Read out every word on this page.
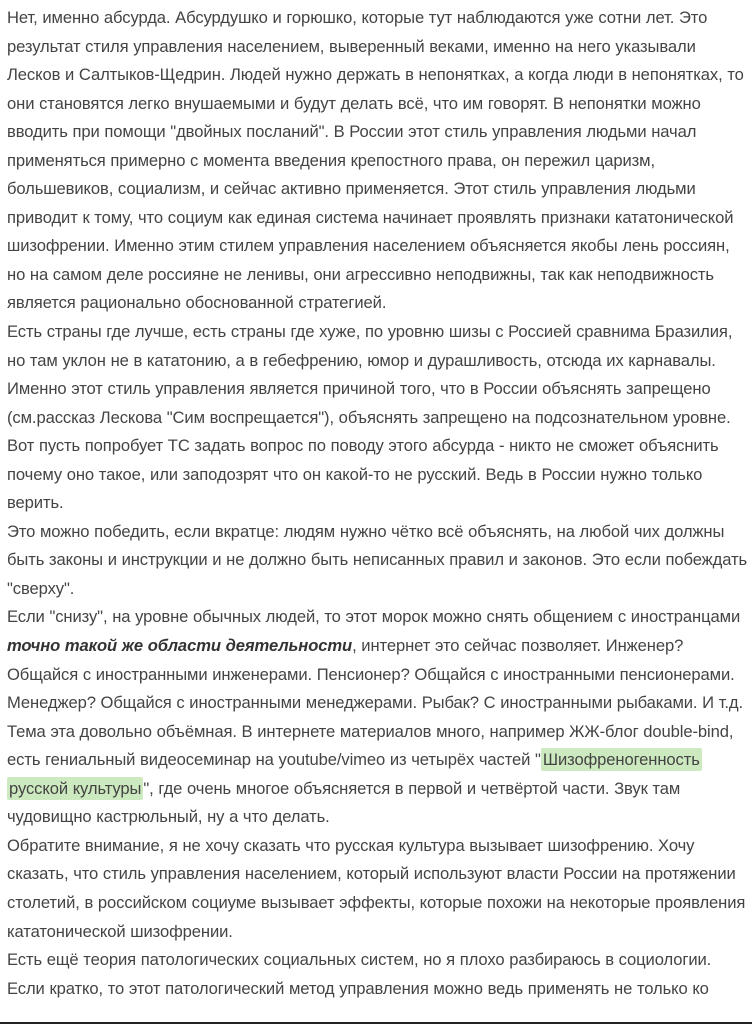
Нет, именно абсурда. Абсурдушко и горюшко, которые тут наблюдаются уже сотни лет. Это результат стиля управления населением, выверенный веками, именно на него указывали Лесков и Салтыков-Щедрин. Людей нужно держать в непонятках, а когда люди в непонятках, то они становятся легко внушаемыми и будут делать всё, что им говорят. В непонятки можно вводить при помощи "двойных посланий". В России этот стиль управления людьми начал применяться примерно с момента введения крепостного права, он пережил царизм, большевиков, социализм, и сейчас активно применяется. Этот стиль управления людьми приводит к тому, что социум как единая система начинает проявлять признаки кататонической шизофрении. Именно этим стилем управления населением объясняется якобы лень россиян, но на самом деле россияне не ленивы, они агрессивно неподвижны, так как неподвижность является рационально обоснованной стратегией.

Есть страны где лучше, есть страны где хуже, по уровню шизы с Россией сравнима Бразилия, но там уклон не в кататонию, а в гебефрению, юмор и дурашливость, отсюда их карнавалы. Именно этот стиль управления является причиной того, что в России объяснять запрещено (см.рассказ Лескова "Сим воспрещается"), объяснять запрещено на подсознательном уровне. Вот пусть попробует ТС задать вопрос по поводу этого абсурда - никто не сможет объяснить почему оно такое, или заподозрят что он какой-то не русский. Ведь в России нужно только верить.

Это можно победить, если вкратце: людям нужно чётко всё объяснять, на любой чих должны быть законы и инструкции и не должно быть неписанных правил и законов. Это если побеждать "сверху".

Если "снизу", на уровне обычных людей, то этот морок можно снять общением с иностранцами точно такой же области деятельности, интернет это сейчас позволяет. Инженер? Общайся с иностранными инженерами. Пенсионер? Общайся с иностранными пенсионерами. Менеджер? Общайся с иностранными менеджерами. Рыбак? С иностранными рыбаками. И т.д.

Тема эта довольно объёмная. В интернете материалов много, например ЖЖ-блог double-bind, есть гениальный видеосеминар на youtube/vimeo из четырёх частей " Шизофреногенность русской культуры ", где очень многое объясняется в первой и четвёртой части. Звук там чудовищно кастрюльный, ну а что делать.

Обратите внимание, я не хочу сказать что русская культура вызывает шизофрению. Хочу сказать, что стиль управления населением, который используют власти России на протяжении столетий, в российском социуме вызывает эффекты, которые похожи на некоторые проявления кататонической шизофрении.

Есть ещё теория патологических социальных систем, но я плохо разбираюсь в социологии. Если кратко, то этот патологический метод управления можно ведь применять не только ко
